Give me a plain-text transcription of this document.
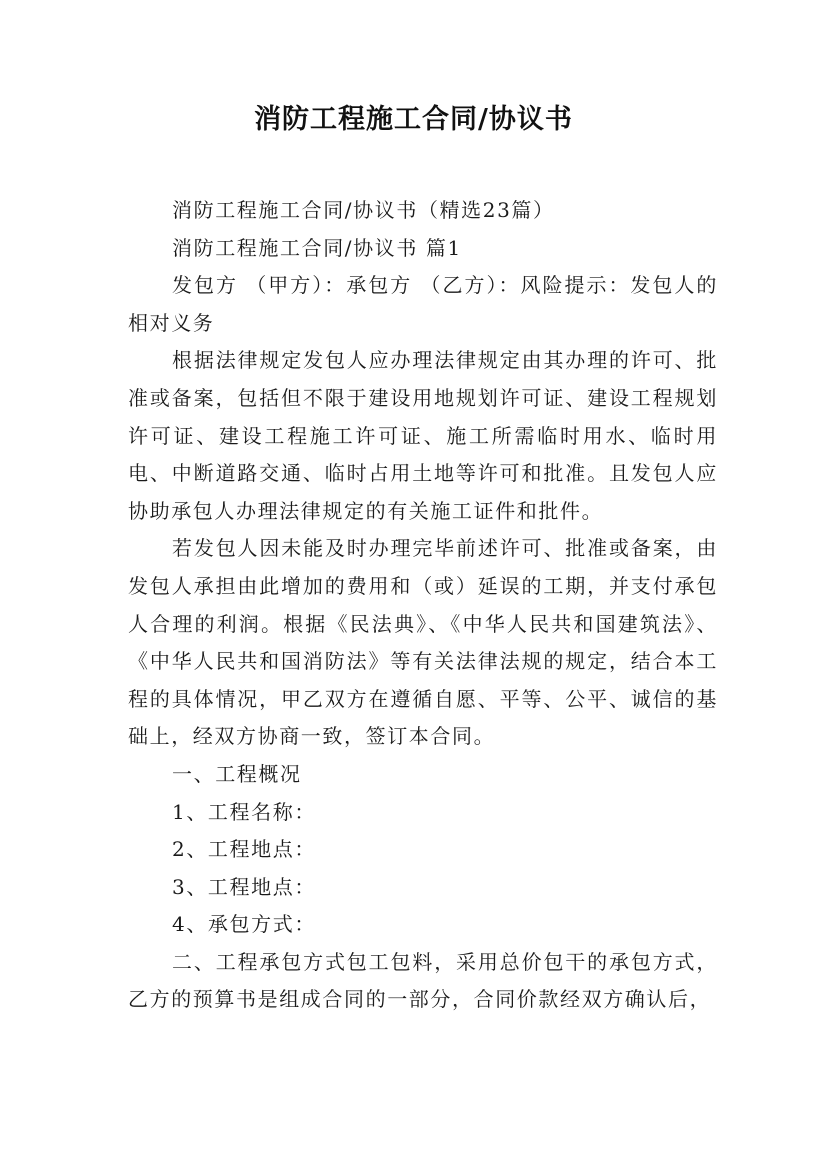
消防工程施工合同/协议书

消防工程施工合同/协议书（精选23篇）

消防工程施工合同/协议书 篇1

发包方 （甲方）：承包方 （乙方）：风险提示：发包人的相对义务

根据法律规定发包人应办理法律规定由其办理的许可、批准或备案，包括但不限于建设用地规划许可证、建设工程规划许可证、建设工程施工许可证、施工所需临时用水、临时用电、中断道路交通、临时占用土地等许可和批准。且发包人应协助承包人办理法律规定的有关施工证件和批件。

若发包人因未能及时办理完毕前述许可、批准或备案，由发包人承担由此增加的费用和（或）延误的工期，并支付承包人合理的利润。根据《民法典》、《中华人民共和国建筑法》、《中华人民共和国消防法》等有关法律法规的规定，结合本工程的具体情况，甲乙双方在遵循自愿、平等、公平、诚信的基础上，经双方协商一致，签订本合同。

一、工程概况

1、工程名称：

2、工程地点：

3、工程地点：

4、承包方式：

二、工程承包方式包工包料，采用总价包干的承包方式，乙方的预算书是组成合同的一部分，合同价款经双方确认后，
